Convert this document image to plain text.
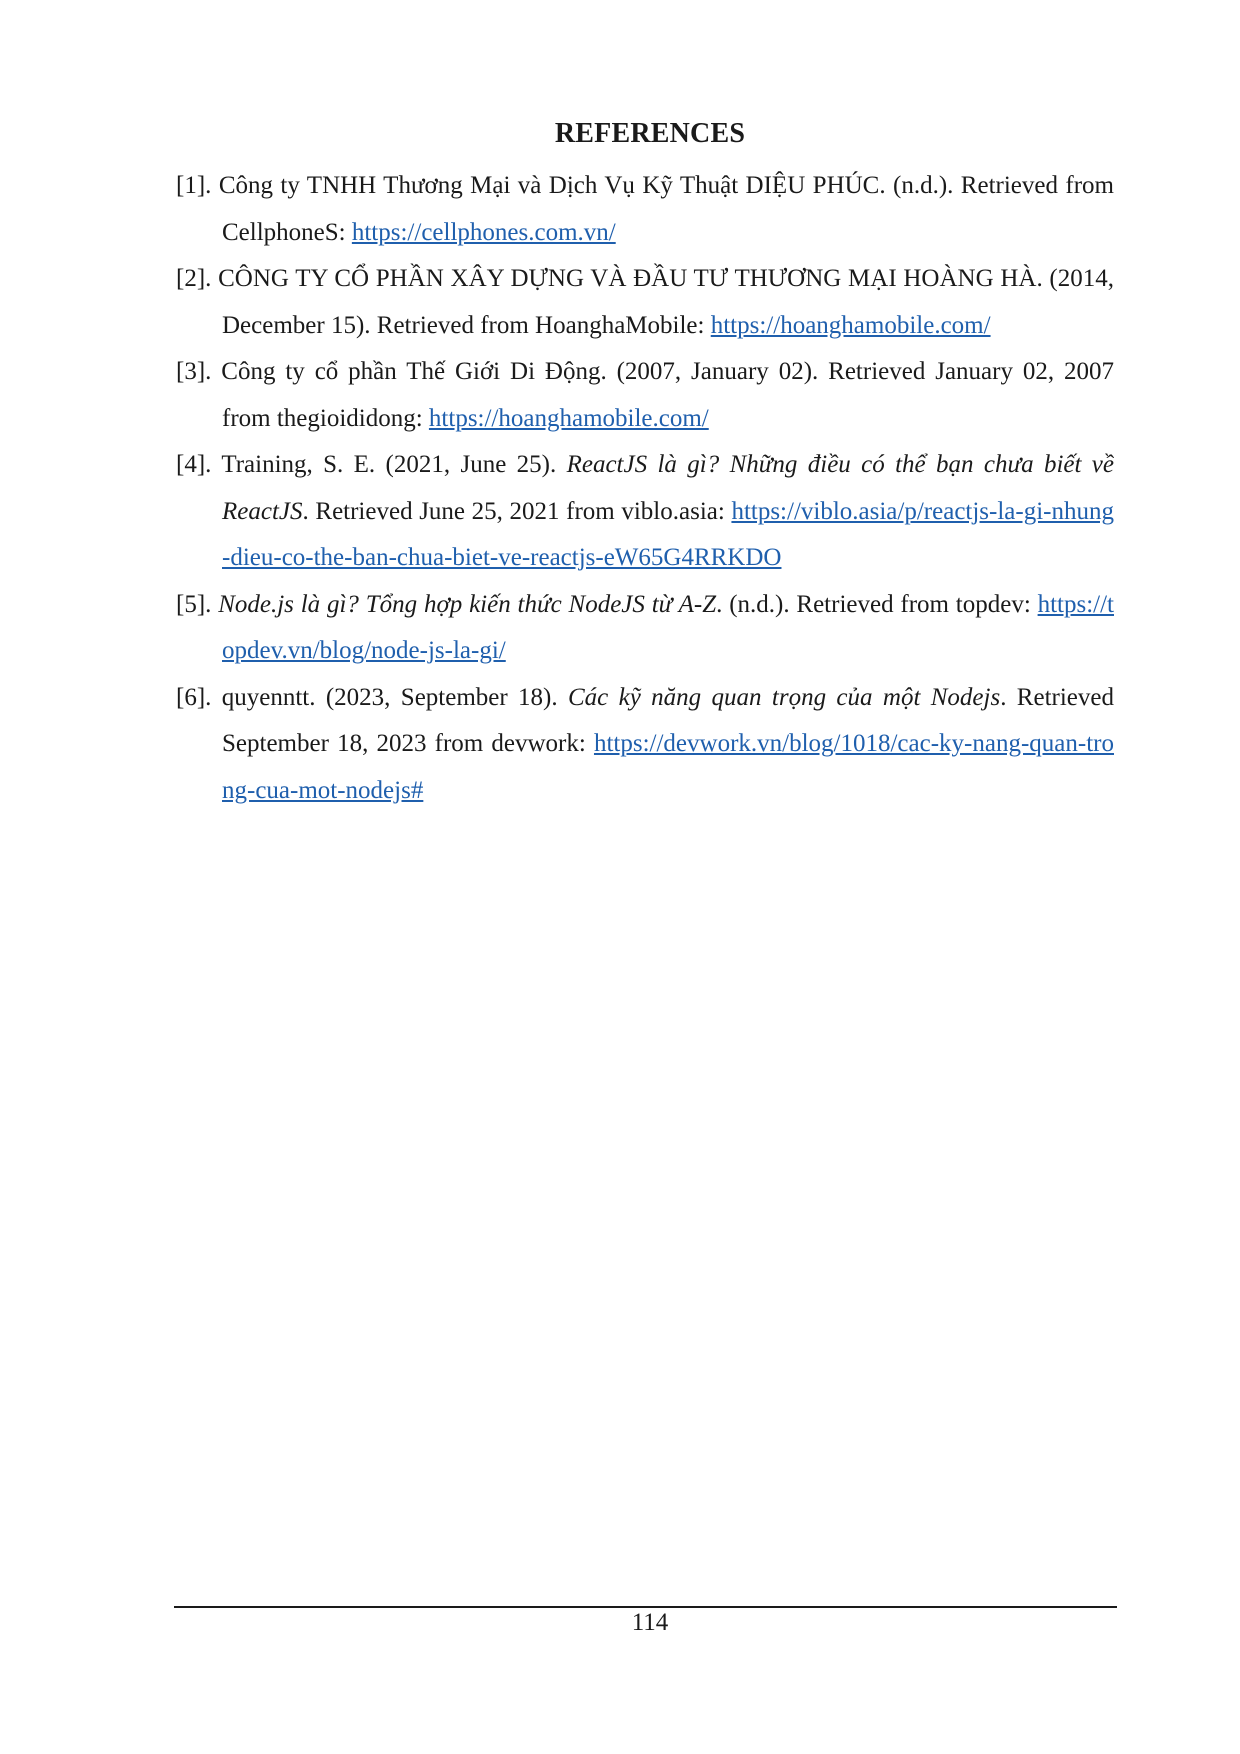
REFERENCES
[1]. Công ty TNHH Thương Mại và Dịch Vụ Kỹ Thuật DIỆU PHÚC. (n.d.). Retrieved from CellphoneS: https://cellphones.com.vn/
[2]. CÔNG TY CỔ PHẦN XÂY DỰNG VÀ ĐẦU TƯ THƯƠNG MẠI HOÀNG HÀ. (2014, December 15). Retrieved from HoanghaMobile: https://hoanghamobile.com/
[3]. Công ty cổ phần Thế Giới Di Động. (2007, January 02). Retrieved January 02, 2007 from thegioididong: https://hoanghamobile.com/
[4]. Training, S. E. (2021, June 25). ReactJS là gì? Những điều có thể bạn chưa biết về ReactJS. Retrieved June 25, 2021 from viblo.asia: https://viblo.asia/p/reactjs-la-gi-nhung-dieu-co-the-ban-chua-biet-ve-reactjs-eW65G4RRKDO
[5]. Node.js là gì? Tổng hợp kiến thức NodeJS từ A-Z. (n.d.). Retrieved from topdev: https://topdev.vn/blog/node-js-la-gi/
[6]. quyenntt. (2023, September 18). Các kỹ năng quan trọng của một Nodejs. Retrieved September 18, 2023 from devwork: https://devwork.vn/blog/1018/cac-ky-nang-quan-trong-cua-mot-nodejs#
114
